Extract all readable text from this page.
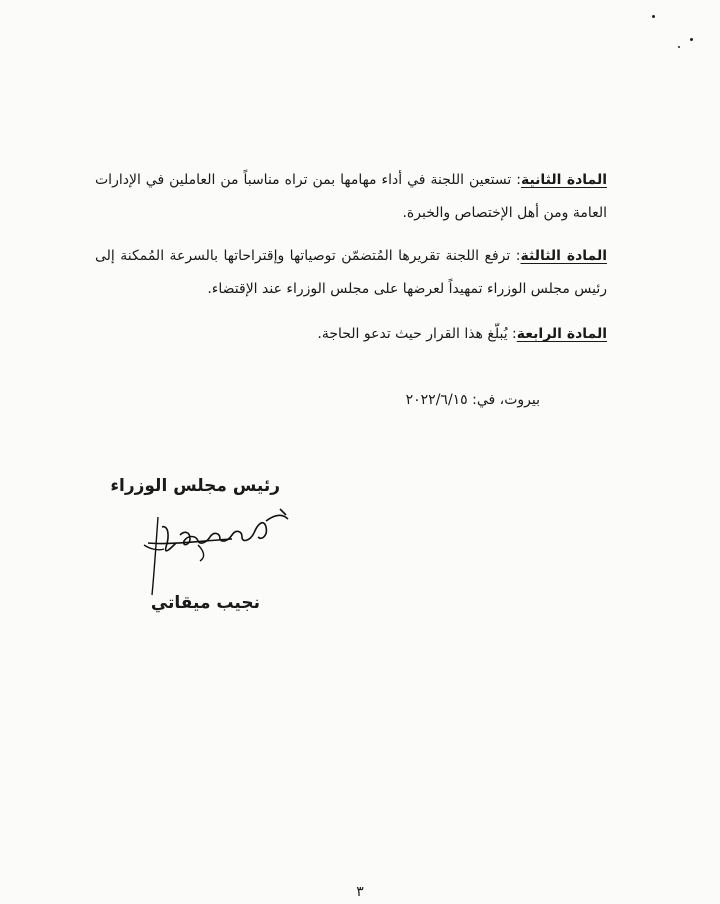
المادة الثانية: تستعين اللجنة في أداء مهامها بمن تراه مناسباً من العاملين في الإدارات العامة ومن أهل الإختصاص والخبرة.

المادة الثالثة: ترفع اللجنة تقريرها المُتضمّن توصياتها وإقتراحاتها بالسرعة المُمكنة إلى رئيس مجلس الوزراء تمهيداً لعرضها على مجلس الوزراء عند الإقتضاء.

المادة الرابعة: يُبلّغ هذا القرار حيث تدعو الحاجة.

بيروت، في: ٢٠٢٢/٦/١٥
رئيس مجلس الوزراء
نجيب ميقاتي
٣
